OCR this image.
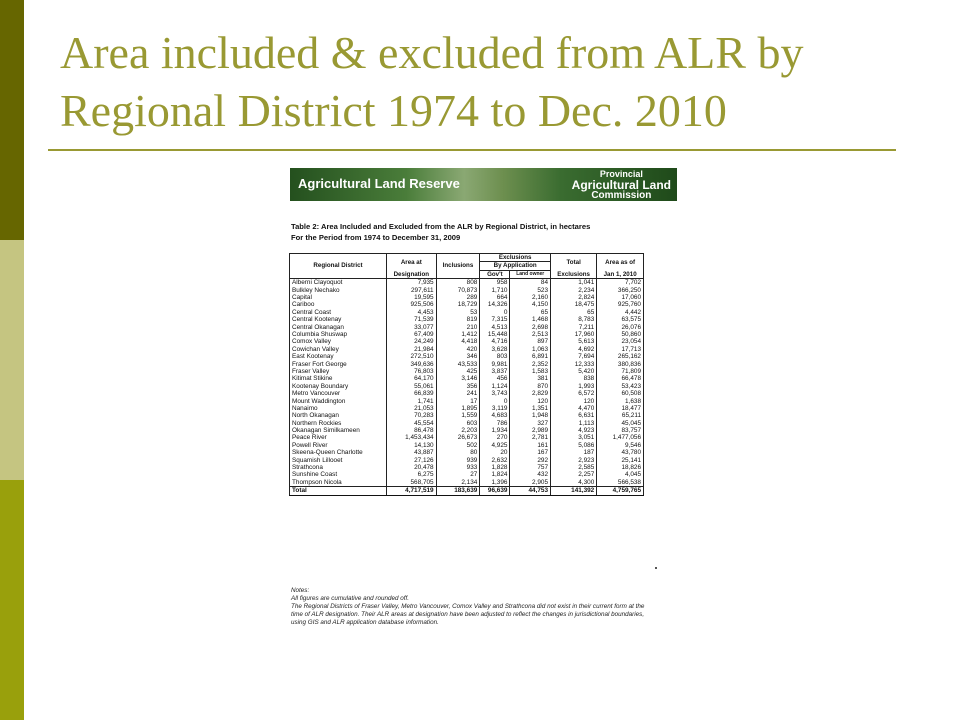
Area included & excluded from ALR by
Regional District 1974 to Dec. 2010
Agricultural Land Reserve
Provincial
Agricultural Land
Commission
Table 2: Area Included and Excluded from the ALR by Regional District, in hectares
For the Period from 1974 to December 31, 2009
Regional District	Area at	Inclusions	Exclusions		Total	Area as of
			By Application			
	Designation		Gov't	Land owner	Exclusions	Jan 1, 2010
Alberni Clayoquot	7,935	808	958	84	1,041	7,702
Bulkley Nechako	297,611	70,873	1,710	523	2,234	366,250
Capital	19,595	289	664	2,160	2,824	17,060
Cariboo	925,506	18,729	14,326	4,150	18,475	925,760
Central Coast	4,453	53	0	65	65	4,442
Central Kootenay	71,539	819	7,315	1,468	8,783	63,575
Central Okanagan	33,077	210	4,513	2,698	7,211	26,076
Columbia Shuswap	67,409	1,412	15,448	2,513	17,960	50,860
Comox Valley	24,249	4,418	4,716	897	5,613	23,054
Cowichan Valley	21,984	420	3,628	1,063	4,692	17,713
East Kootenay	272,510	346	803	6,891	7,694	265,162
Fraser Fort George	349,636	43,533	9,981	2,352	12,333	380,836
Fraser Valley	76,803	425	3,837	1,583	5,420	71,809
Kitimat Stikine	64,170	3,146	456	381	838	66,478
Kootenay Boundary	55,061	356	1,124	870	1,993	53,423
Metro Vancouver	66,839	241	3,743	2,829	6,572	60,508
Mount Waddington	1,741	17	0	120	120	1,638
Nanaimo	21,053	1,895	3,119	1,351	4,470	18,477
North Okanagan	70,283	1,559	4,683	1,948	6,631	65,211
Northern Rockies	45,554	603	786	327	1,113	45,045
Okanagan Similkameen	86,478	2,203	1,934	2,989	4,923	83,757
Peace River	1,453,434	26,673	270	2,781	3,051	1,477,056
Powell River	14,130	502	4,925	161	5,086	9,546
Skeena-Queen Charlotte	43,887	80	20	167	187	43,780
Squamish Lillooet	27,126	939	2,632	292	2,923	25,141
Strathcona	20,478	933	1,828	757	2,585	18,826
Sunshine Coast	6,275	27	1,824	432	2,257	4,045
Thompson Nicola	568,705	2,134	1,396	2,905	4,300	566,538
Total	4,717,519	183,639	96,639	44,753	141,392	4,759,765

Notes:

All figures are cumulative and rounded off.

The Regional Districts of Fraser Valley, Metro Vancouver, Comox Valley and Strathcona did not exist in their current form at the time of ALR designation. Their ALR areas at designation have been adjusted to reflect the changes in jurisdictional boundaries, using GIS and ALR application database information.
